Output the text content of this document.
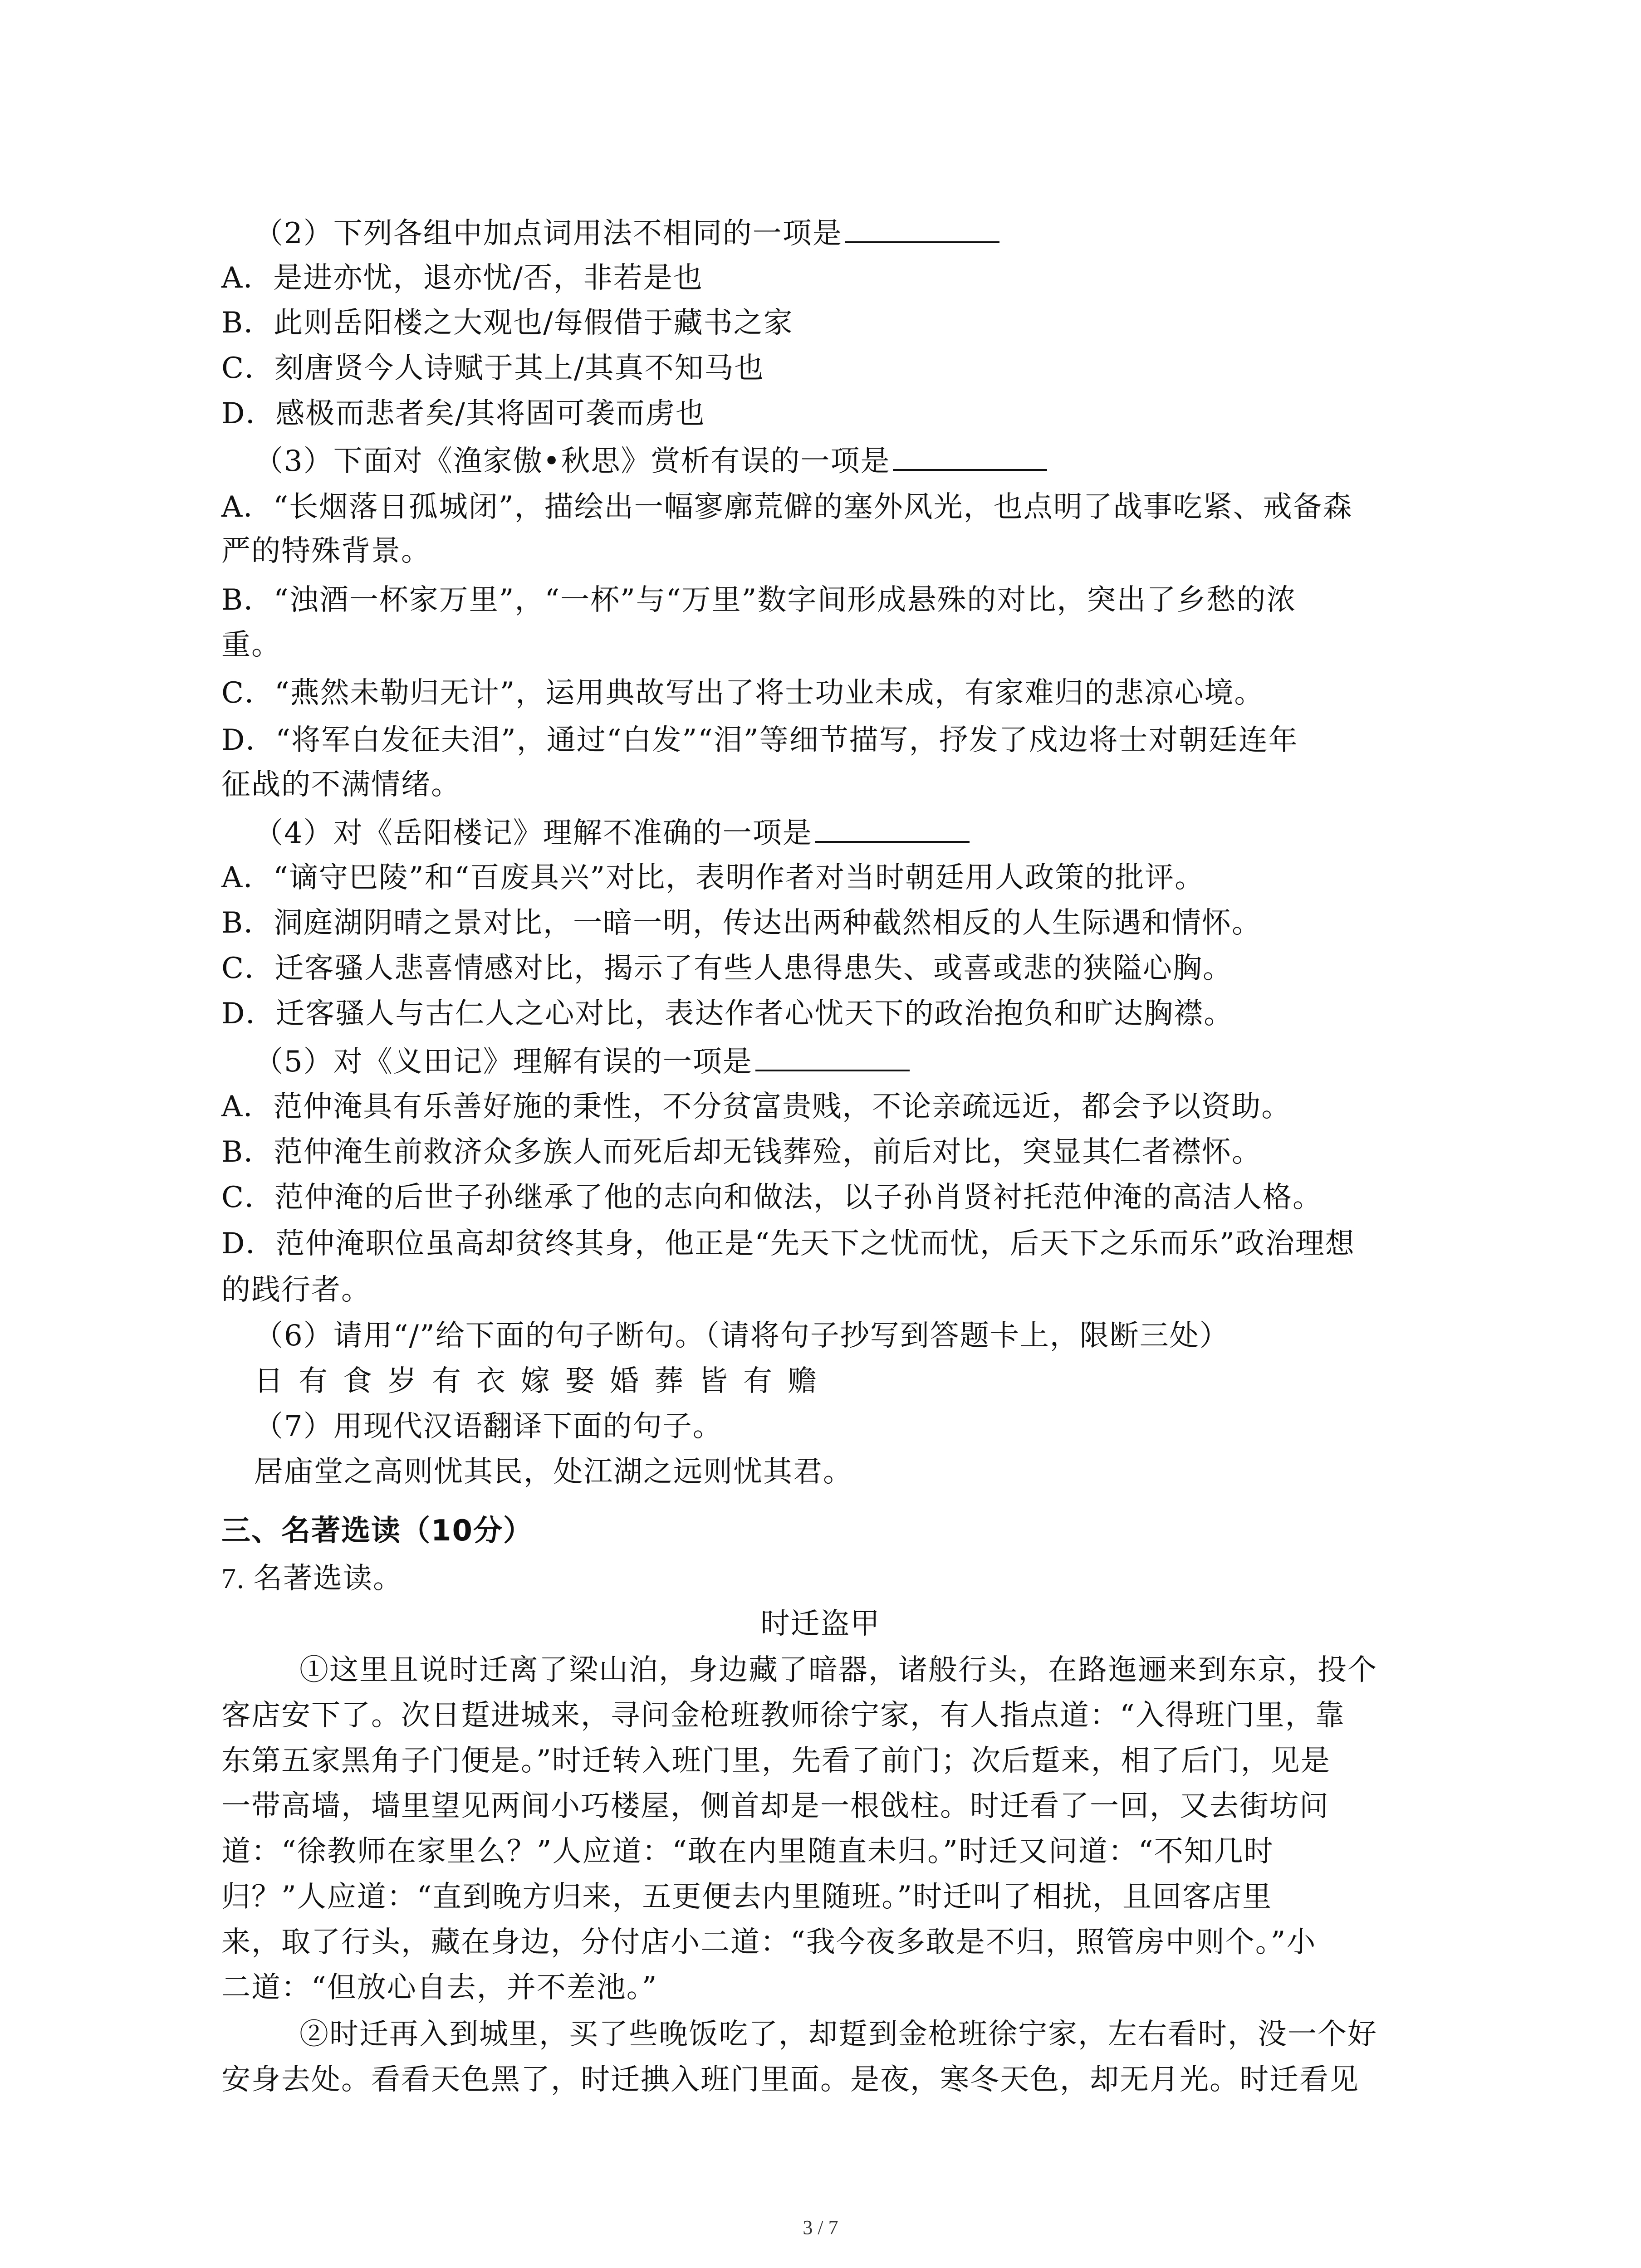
（2）下列各组中加点词用法不相同的一项是
A．是进亦忧，退亦忧/否，非若是也
B．此则岳阳楼之大观也/每假借于藏书之家
C．刻唐贤今人诗赋于其上/其真不知马也
D．感极而悲者矣/其将固可袭而虏也
（3）下面对《渔家傲•秋思》赏析有误的一项是
A．“长烟落日孤城闭”，描绘出一幅寥廓荒僻的塞外风光，也点明了战事吃紧、戒备森
严的特殊背景。
B．“浊酒一杯家万里”，“一杯”与“万里”数字间形成悬殊的对比，突出了乡愁的浓
重。
C．“燕然未勒归无计”，运用典故写出了将士功业未成，有家难归的悲凉心境。
D．“将军白发征夫泪”，通过“白发”“泪”等细节描写，抒发了戍边将士对朝廷连年
征战的不满情绪。
（4）对《岳阳楼记》理解不准确的一项是
A．“谪守巴陵”和“百废具兴”对比，表明作者对当时朝廷用人政策的批评。
B．洞庭湖阴晴之景对比，一暗一明，传达出两种截然相反的人生际遇和情怀。
C．迁客骚人悲喜情感对比，揭示了有些人患得患失、或喜或悲的狭隘心胸。
D．迁客骚人与古仁人之心对比，表达作者心忧天下的政治抱负和旷达胸襟。
（5）对《义田记》理解有误的一项是
A．范仲淹具有乐善好施的秉性，不分贫富贵贱，不论亲疏远近，都会予以资助。
B．范仲淹生前救济众多族人而死后却无钱葬殓，前后对比，突显其仁者襟怀。
C．范仲淹的后世子孙继承了他的志向和做法，以子孙肖贤衬托范仲淹的高洁人格。
D．范仲淹职位虽高却贫终其身，他正是“先天下之忧而忧，后天下之乐而乐”政治理想
的践行者。
（6）请用“/”给下面的句子断句。（请将句子抄写到答题卡上，限断三处）
日有食岁有衣嫁娶婚葬皆有赡
（7）用现代汉语翻译下面的句子。
居庙堂之高则忧其民，处江湖之远则忧其君。
三、名著选读（10分）
7. 名著选读。
时迁盗甲
①这里且说时迁离了梁山泊，身边藏了暗器，诸般行头，在路迤逦来到东京，投个
客店安下了。次日踅进城来，寻问金枪班教师徐宁家，有人指点道：“入得班门里，靠
东第五家黑角子门便是。”时迁转入班门里，先看了前门；次后踅来，相了后门，见是
一带高墙，墙里望见两间小巧楼屋，侧首却是一根戗柱。时迁看了一回，又去街坊问
道：“徐教师在家里么？”人应道：“敢在内里随直未归。”时迁又问道：“不知几时
归？”人应道：“直到晚方归来，五更便去内里随班。”时迁叫了相扰，且回客店里
来，取了行头，藏在身边，分付店小二道：“我今夜多敢是不归，照管房中则个。”小
二道：“但放心自去，并不差池。”
②时迁再入到城里，买了些晚饭吃了，却踅到金枪班徐宁家，左右看时，没一个好
安身去处。看看天色黑了，时迁捵入班门里面。是夜，寒冬天色，却无月光。时迁看见
3 / 7
